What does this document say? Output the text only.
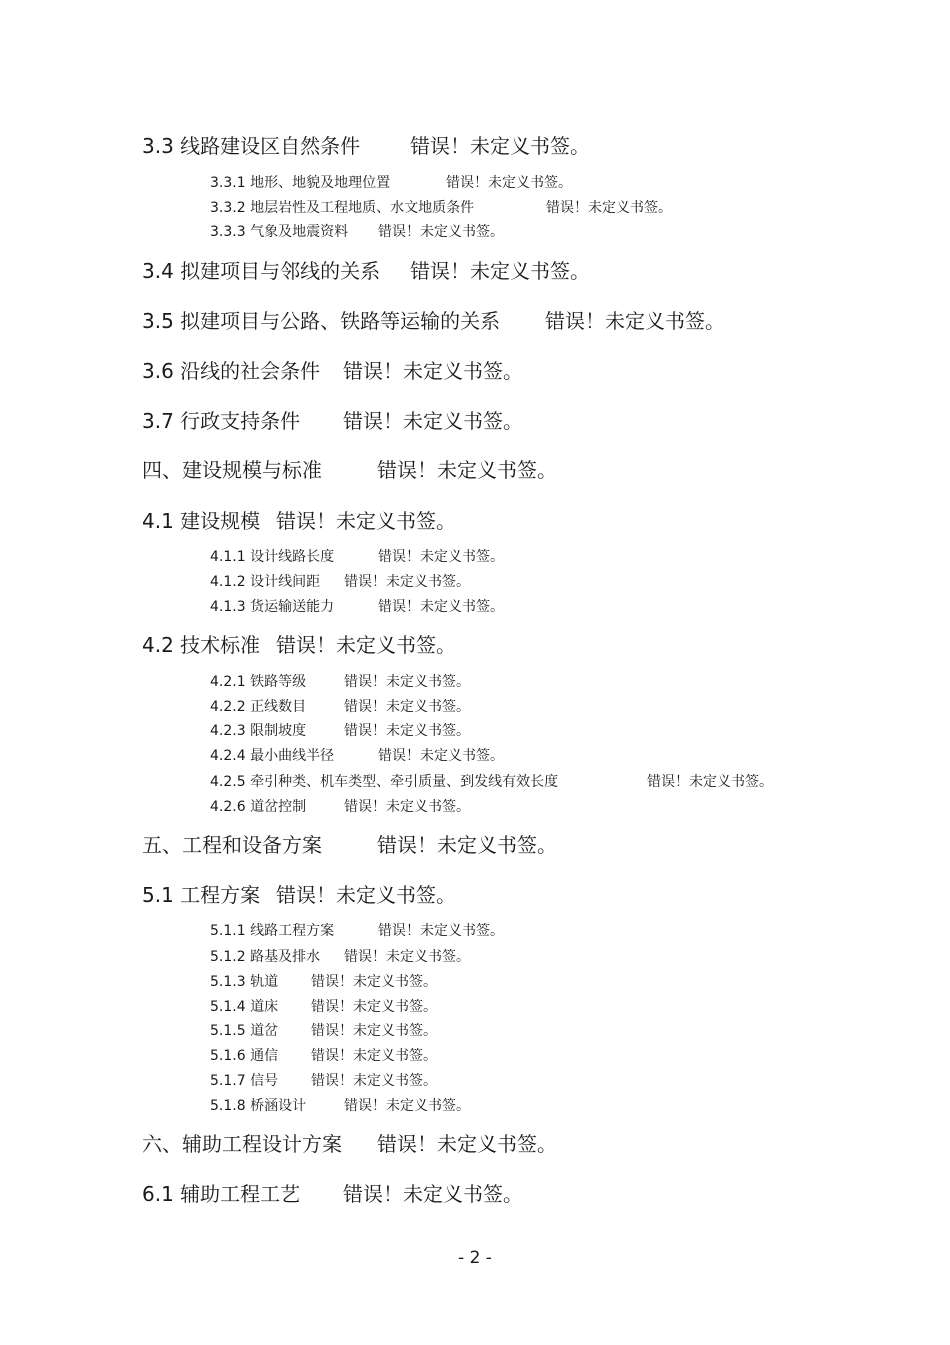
3.3 线路建设区自然条件 错误！未定义书签。
3.3.1 地形、地貌及地理位置	错误！未定义书签。
3.3.2 地层岩性及工程地质、水文地质条件	错误！未定义书签。
3.3.3 气象及地震资料 错误！未定义书签。
3.4 拟建项目与邻线的关系 错误！未定义书签。
3.5 拟建项目与公路、铁路等运输的关系 错误！未定义书签。
3.6 沿线的社会条件 错误！未定义书签。
3.7 行政支持条件 错误！未定义书签。
四、建设规模与标准	错误！未定义书签。
4.1 建设规模 错误！未定义书签。
4.1.1 设计线路长度	错误！未定义书签。
4.1.2 设计线间距 错误！未定义书签。
4.1.3 货运输送能力	错误！未定义书签。
4.2 技术标准 错误！未定义书签。
4.2.1 铁路等级	错误！未定义书签。
4.2.2 正线数目	错误！未定义书签。
4.2.3 限制坡度	错误！未定义书签。
4.2.4 最小曲线半径	错误！未定义书签。
4.2.5 牵引种类、机车类型、牵引质量、到发线有效长度	错误！未定义书签。
4.2.6 道岔控制	错误！未定义书签。
五、工程和设备方案	错误！未定义书签。
5.1 工程方案 错误！未定义书签。
5.1.1 线路工程方案	错误！未定义书签。
5.1.2 路基及排水 错误！未定义书签。
5.1.3 轨道 错误！未定义书签。
5.1.4 道床 错误！未定义书签。
5.1.5 道岔 错误！未定义书签。
5.1.6 通信 错误！未定义书签。
5.1.7 信号 错误！未定义书签。
5.1.8 桥涵设计	错误！未定义书签。
六、辅助工程设计方案 错误！未定义书签。
6.1 辅助工程工艺 错误！未定义书签。
- 2 -
